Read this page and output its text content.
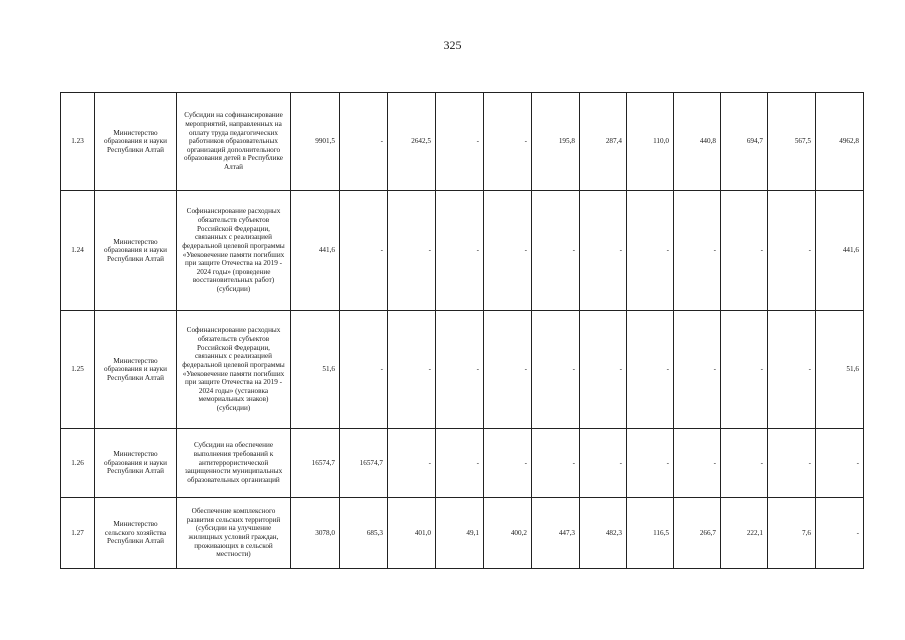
325
1.23	Министерство образования и науки Республики Алтай	Субсидии на софинансирование мероприятий, направленных на оплату труда педагогических работников образовательных организаций дополнительного образования детей в Республике Алтай	9901,5	-	2642,5	-	-	195,8	287,4	110,0	440,8	694,7	567,5	4962,8
1.24	Министерство образования и науки Республики Алтай	Софинансирование расходных обязательств субъектов Российской Федерации, связанных с реализацией федеральной целевой программы «Увековечение памяти погибших при защите Отечества на 2019 - 2024 годы» (проведение восстановительных работ) (субсидии)	441,6	-	-	-	-	-	-	-	-	-	-	441,6
1.25	Министерство образования и науки Республики Алтай	Софинансирование расходных обязательств субъектов Российской Федерации, связанных с реализацией федеральной целевой программы «Увековечение памяти погибших при защите Отечества на 2019 - 2024 годы» (установка мемориальных знаков) (субсидии)	51,6	-	-	-	-	-	-	-	-	-	-	51,6
1.26	Министерство образования и науки Республики Алтай	Субсидии на обеспечение выполнения требований к антитеррористической защищенности муниципальных образовательных организаций	16574,7	16574,7	-	-	-	-	-	-	-	-	-	-
1.27	Министерство сельского хозяйства Республики Алтай	Обеспечение комплексного развития сельских территорий (субсидии на улучшение жилищных условий граждан, проживающих в сельской местности)	3078,0	685,3	401,0	49,1	400,2	447,3	482,3	116,5	266,7	222,1	7,6	-
